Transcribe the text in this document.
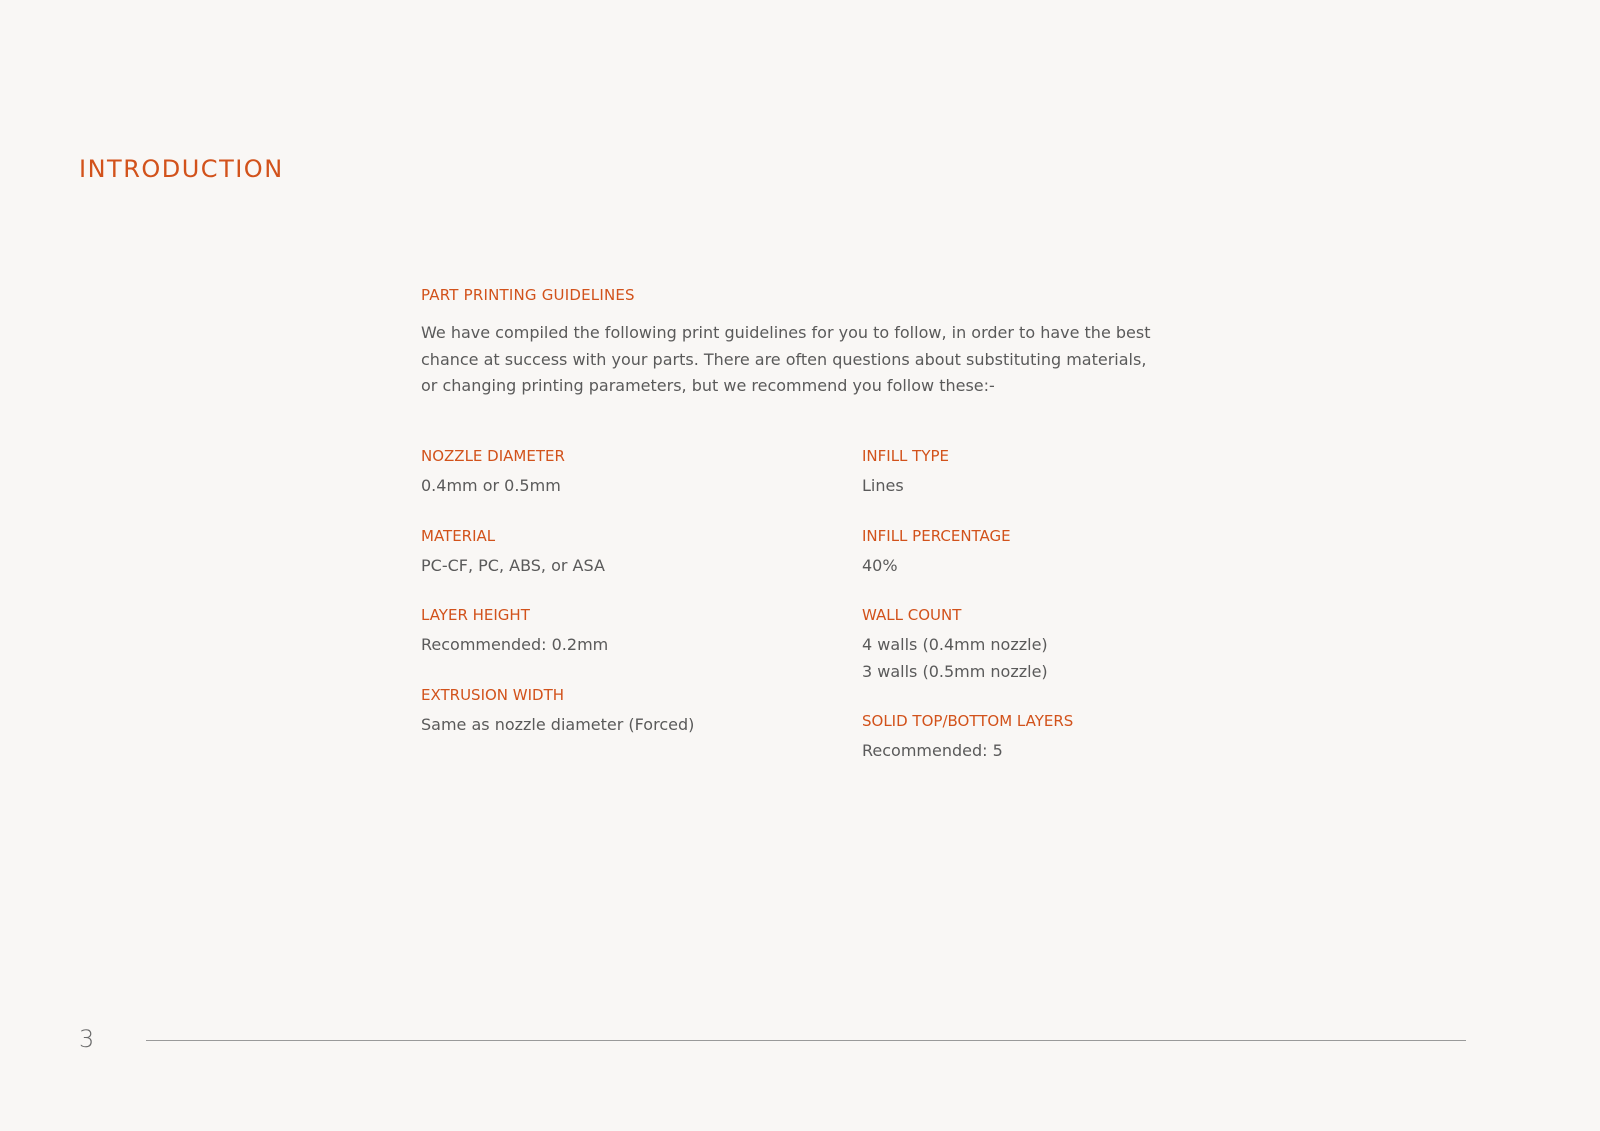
INTRODUCTION
PART PRINTING GUIDELINES

We have compiled the following print guidelines for you to follow, in order to have the best chance at success with your parts. There are often questions about substituting materials, or changing printing parameters, but we recommend you follow these:-

NOZZLE DIAMETER
0.4mm or 0.5mm
MATERIAL
PC-CF, PC, ABS, or ASA
LAYER HEIGHT
Recommended: 0.2mm
EXTRUSION WIDTH
Same as nozzle diameter (Forced)
INFILL TYPE
Lines
INFILL PERCENTAGE
40%
WALL COUNT
4 walls (0.4mm nozzle)
3 walls (0.5mm nozzle)
SOLID TOP/BOTTOM LAYERS
Recommended: 5
3
